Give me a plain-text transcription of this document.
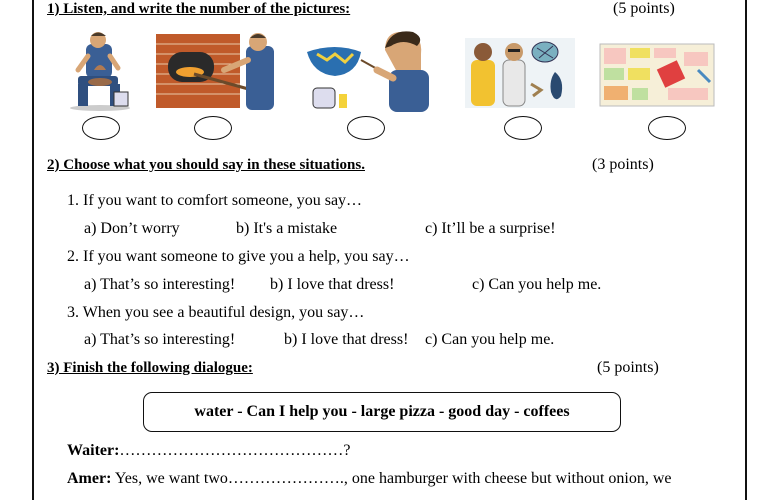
1) Listen, and write the number of the pictures:	(5 points)
2) Choose what you should say in these situations.	(3 points)
1. If you want to comfort someone, you say…
a) Don’t worry	b) It's a mistake	c) It’ll be a surprise!
2. If you want someone to give you a help, you say…
a) That’s so interesting! b) I love that dress!	c) Can you help me.
3. When you see a beautiful design, you say…
a) That’s so interesting!	b) I love that dress! c) Can you help me.
3) Finish the following dialogue:	(5 points)
water - Can I help you - large pizza - good day - coffees
Waiter:……………………………………?
Amer: Yes, we want two…………………., one hamburger with cheese but without onion, we
